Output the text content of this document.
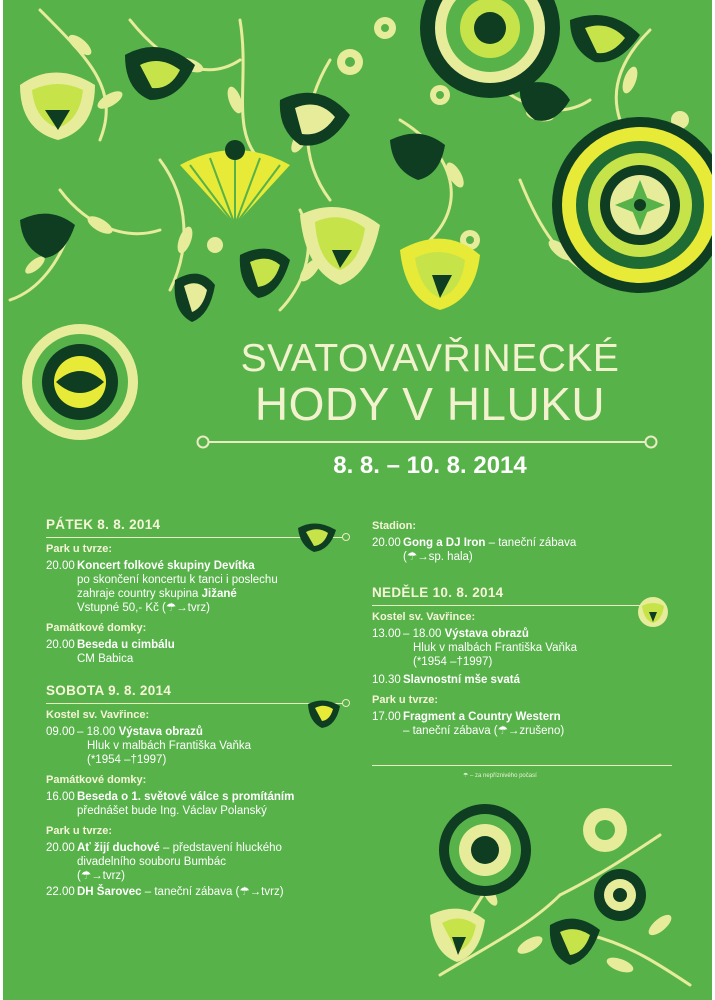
SVATOVAVŘINECKÉ
HODY V HLUKU
8. 8. – 10. 8. 2014
PÁTEK 8. 8. 2014
Park u tvrze:
20.00 Koncert folkové skupiny Devítka
po skončení koncertu k tanci i poslechu
zahraje country skupina Jižané
Vstupné 50,- Kč (☂→tvrz)
Památkové domky:
20.00 Beseda u cimbálu
CM Babica
SOBOTA 9. 8. 2014
Kostel sv. Vavřince:
09.00 – 18.00 Výstava obrazů
Hluk v malbách Františka Vaňka
(*1954 –†1997)
Památkové domky:
16.00 Beseda o 1. světové válce s promítáním
přednášet bude Ing. Václav Polanský
Park u tvrze:
20.00 Ať žijí duchové – představení hluckého
divadelního souboru Bumbác
(☂→tvrz)
22.00 DH Šarovec – taneční zábava (☂→tvrz)
Stadion:
20.00 Gong a DJ Iron – taneční zábava
(☂→sp. hala)
NEDĚLE 10. 8. 2014
Kostel sv. Vavřince:
13.00 – 18.00 Výstava obrazů
Hluk v malbách Františka Vaňka
(*1954 –†1997)
10.30 Slavnostní mše svatá
Park u tvrze:
17.00 Fragment a Country Western
– taneční zábava (☂→zrušeno)
☂ – za nepříznivého počasí
